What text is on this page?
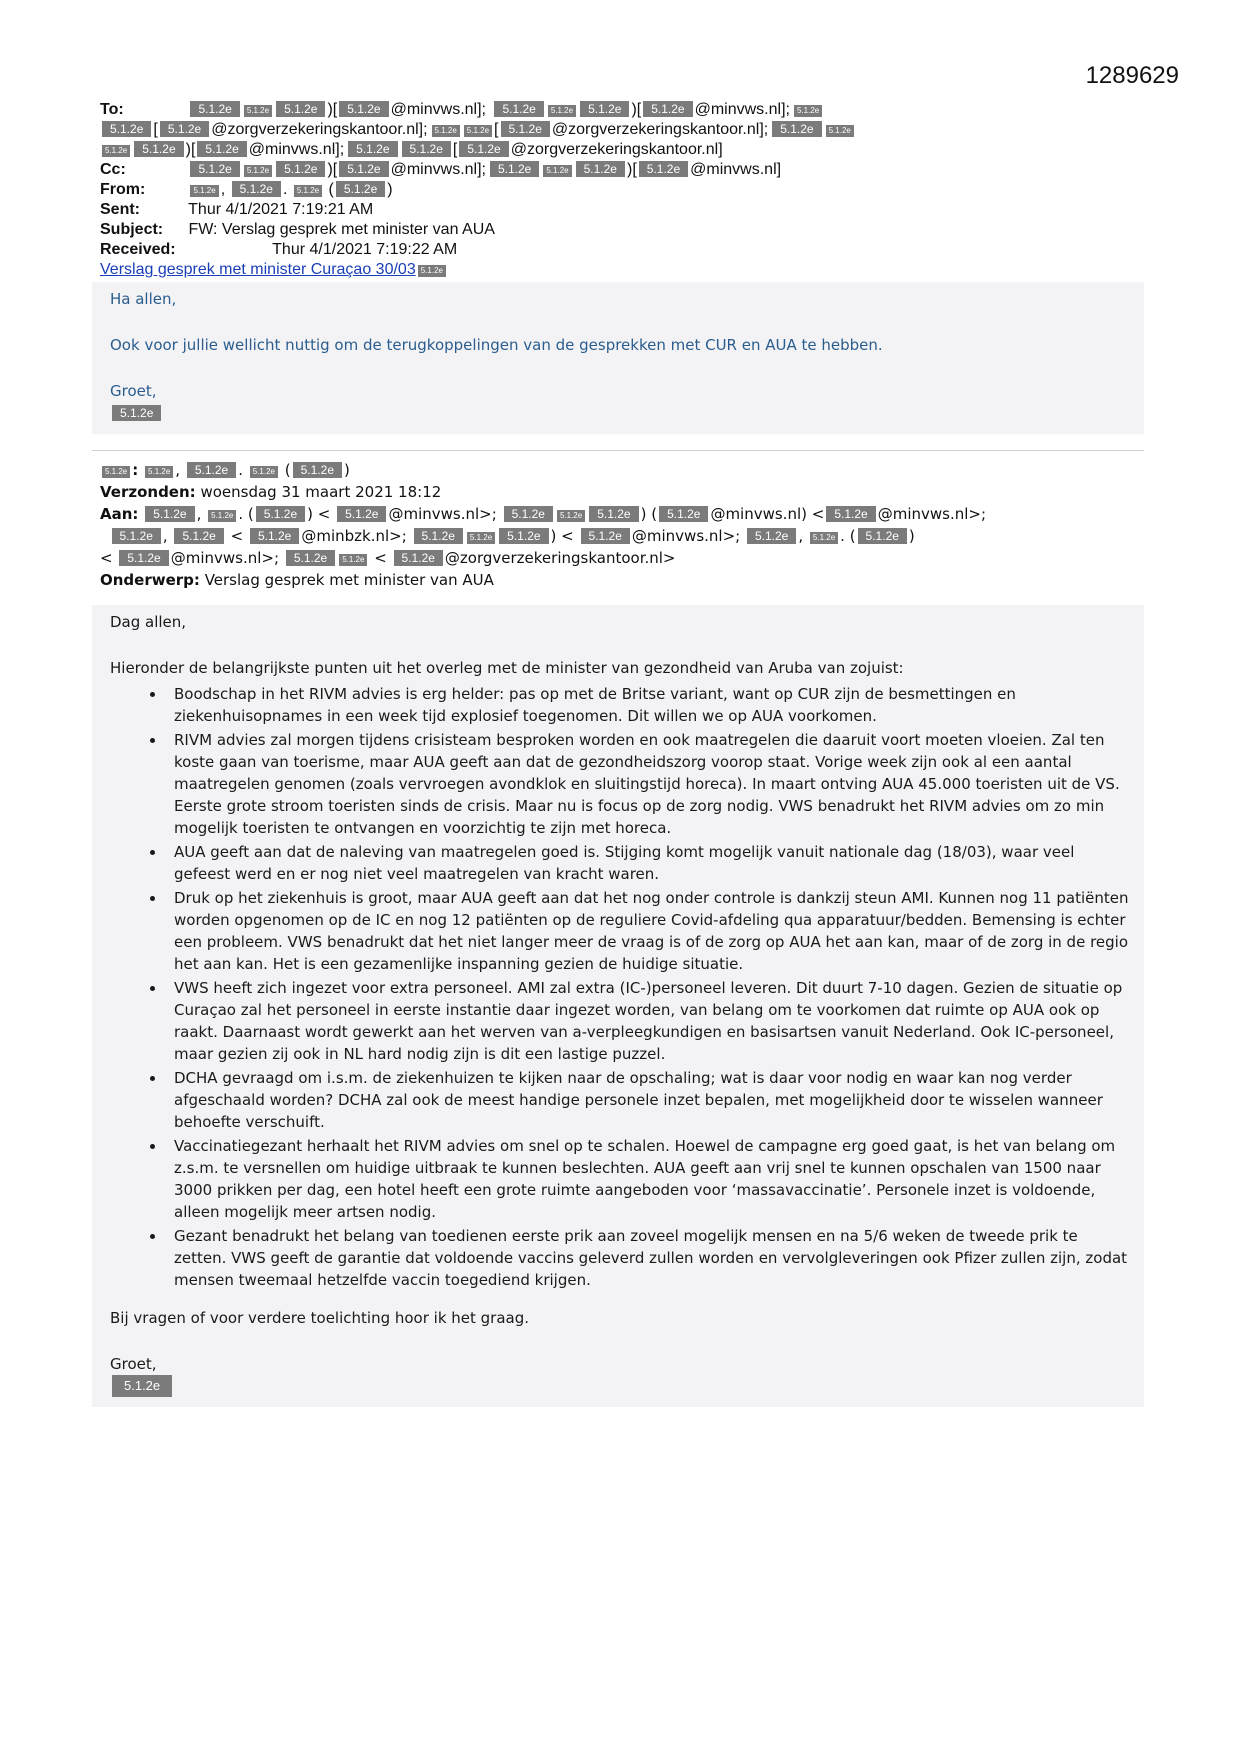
1289629
To:	5.1.2e 5.1.2e 5.1.2e )[ 5.1.2e @minvws.nl]; 5.1.2e 5.1.2e 5.1.2e )[ 5.1.2e @minvws.nl]; 5.1.2e
5.1.2e [ 5.1.2e @zorgverzekeringskantoor.nl]; 5.1.2e 5.1.2e [ 5.1.2e @zorgverzekeringskantoor.nl]; 5.1.2e 5.1.2e
5.1.2e 5.1.2e )[ 5.1.2e @minvws.nl]; 5.1.2e 5.1.2e [ 5.1.2e @zorgverzekeringskantoor.nl]
Cc:	5.1.2e 5.1.2e 5.1.2e )[ 5.1.2e @minvws.nl]; 5.1.2e 5.1.2e 5.1.2e )[ 5.1.2e @minvws.nl]
From:	5.1.2e , 5.1.2e . 5.1.2e ( 5.1.2e )
Sent:	Thur 4/1/2021 7:19:21 AM
Subject: FW: Verslag gesprek met minister van AUA
Received:	Thur 4/1/2021 7:19:22 AM
Verslag gesprek met minister Curaçao 30/03 5.1.2e

Ha allen,

Ook voor jullie wellicht nuttig om de terugkoppelingen van de gesprekken met CUR en AUA te hebben.

Groet,

5.1.2e
5.1.2e : 5.1.2e , 5.1.2e . 5.1.2e ( 5.1.2e )
Verzonden: woensdag 31 maart 2021 18:12
Aan: 5.1.2e , 5.1.2e . ( 5.1.2e ) < 5.1.2e @minvws.nl>; 5.1.2e 5.1.2e 5.1.2e ) ( 5.1.2e @minvws.nl) < 5.1.2e @minvws.nl>;
5.1.2e , 5.1.2e < 5.1.2e @minbzk.nl>; 5.1.2e 5.1.2e 5.1.2e ) < 5.1.2e @minvws.nl>; 5.1.2e , 5.1.2e . ( 5.1.2e )
< 5.1.2e @minvws.nl>; 5.1.2e 5.1.2e < 5.1.2e @zorgverzekeringskantoor.nl>
Onderwerp: Verslag gesprek met minister van AUA

Dag allen,

Hieronder de belangrijkste punten uit het overleg met de minister van gezondheid van Aruba van zojuist:

• Boodschap in het RIVM advies is erg helder: pas op met de Britse variant, want op CUR zijn de besmettingen en ziekenhuisopnames in een week tijd explosief toegenomen. Dit willen we op AUA voorkomen.
• RIVM advies zal morgen tijdens crisisteam besproken worden en ook maatregelen die daaruit voort moeten vloeien. Zal ten koste gaan van toerisme, maar AUA geeft aan dat de gezondheidszorg voorop staat. Vorige week zijn ook al een aantal maatregelen genomen (zoals vervroegen avondklok en sluitingstijd horeca). In maart ontving AUA 45.000 toeristen uit de VS. Eerste grote stroom toeristen sinds de crisis. Maar nu is focus op de zorg nodig. VWS benadrukt het RIVM advies om zo min mogelijk toeristen te ontvangen en voorzichtig te zijn met horeca.
• AUA geeft aan dat de naleving van maatregelen goed is. Stijging komt mogelijk vanuit nationale dag (18/03), waar veel gefeest werd en er nog niet veel maatregelen van kracht waren.
• Druk op het ziekenhuis is groot, maar AUA geeft aan dat het nog onder controle is dankzij steun AMI. Kunnen nog 11 patiënten worden opgenomen op de IC en nog 12 patiënten op de reguliere Covid-afdeling qua apparatuur/bedden. Bemensing is echter een probleem. VWS benadrukt dat het niet langer meer de vraag is of de zorg op AUA het aan kan, maar of de zorg in de regio het aan kan. Het is een gezamenlijke inspanning gezien de huidige situatie.
• VWS heeft zich ingezet voor extra personeel. AMI zal extra (IC-)personeel leveren. Dit duurt 7-10 dagen. Gezien de situatie op Curaçao zal het personeel in eerste instantie daar ingezet worden, van belang om te voorkomen dat ruimte op AUA ook op raakt. Daarnaast wordt gewerkt aan het werven van a-verpleegkundigen en basisartsen vanuit Nederland. Ook IC-personeel, maar gezien zij ook in NL hard nodig zijn is dit een lastige puzzel.
• DCHA gevraagd om i.s.m. de ziekenhuizen te kijken naar de opschaling; wat is daar voor nodig en waar kan nog verder afgeschaald worden? DCHA zal ook de meest handige personele inzet bepalen, met mogelijkheid door te wisselen wanneer behoefte verschuift.
• Vaccinatiegezant herhaalt het RIVM advies om snel op te schalen. Hoewel de campagne erg goed gaat, is het van belang om z.s.m. te versnellen om huidige uitbraak te kunnen beslechten. AUA geeft aan vrij snel te kunnen opschalen van 1500 naar 3000 prikken per dag, een hotel heeft een grote ruimte aangeboden voor ‘massavaccinatie’. Personele inzet is voldoende, alleen mogelijk meer artsen nodig.
• Gezant benadrukt het belang van toedienen eerste prik aan zoveel mogelijk mensen en na 5/6 weken de tweede prik te zetten. VWS geeft de garantie dat voldoende vaccins geleverd zullen worden en vervolgleveringen ook Pfizer zullen zijn, zodat mensen tweemaal hetzelfde vaccin toegediend krijgen.

Bij vragen of voor verdere toelichting hoor ik het graag.

Groet,

5.1.2e
